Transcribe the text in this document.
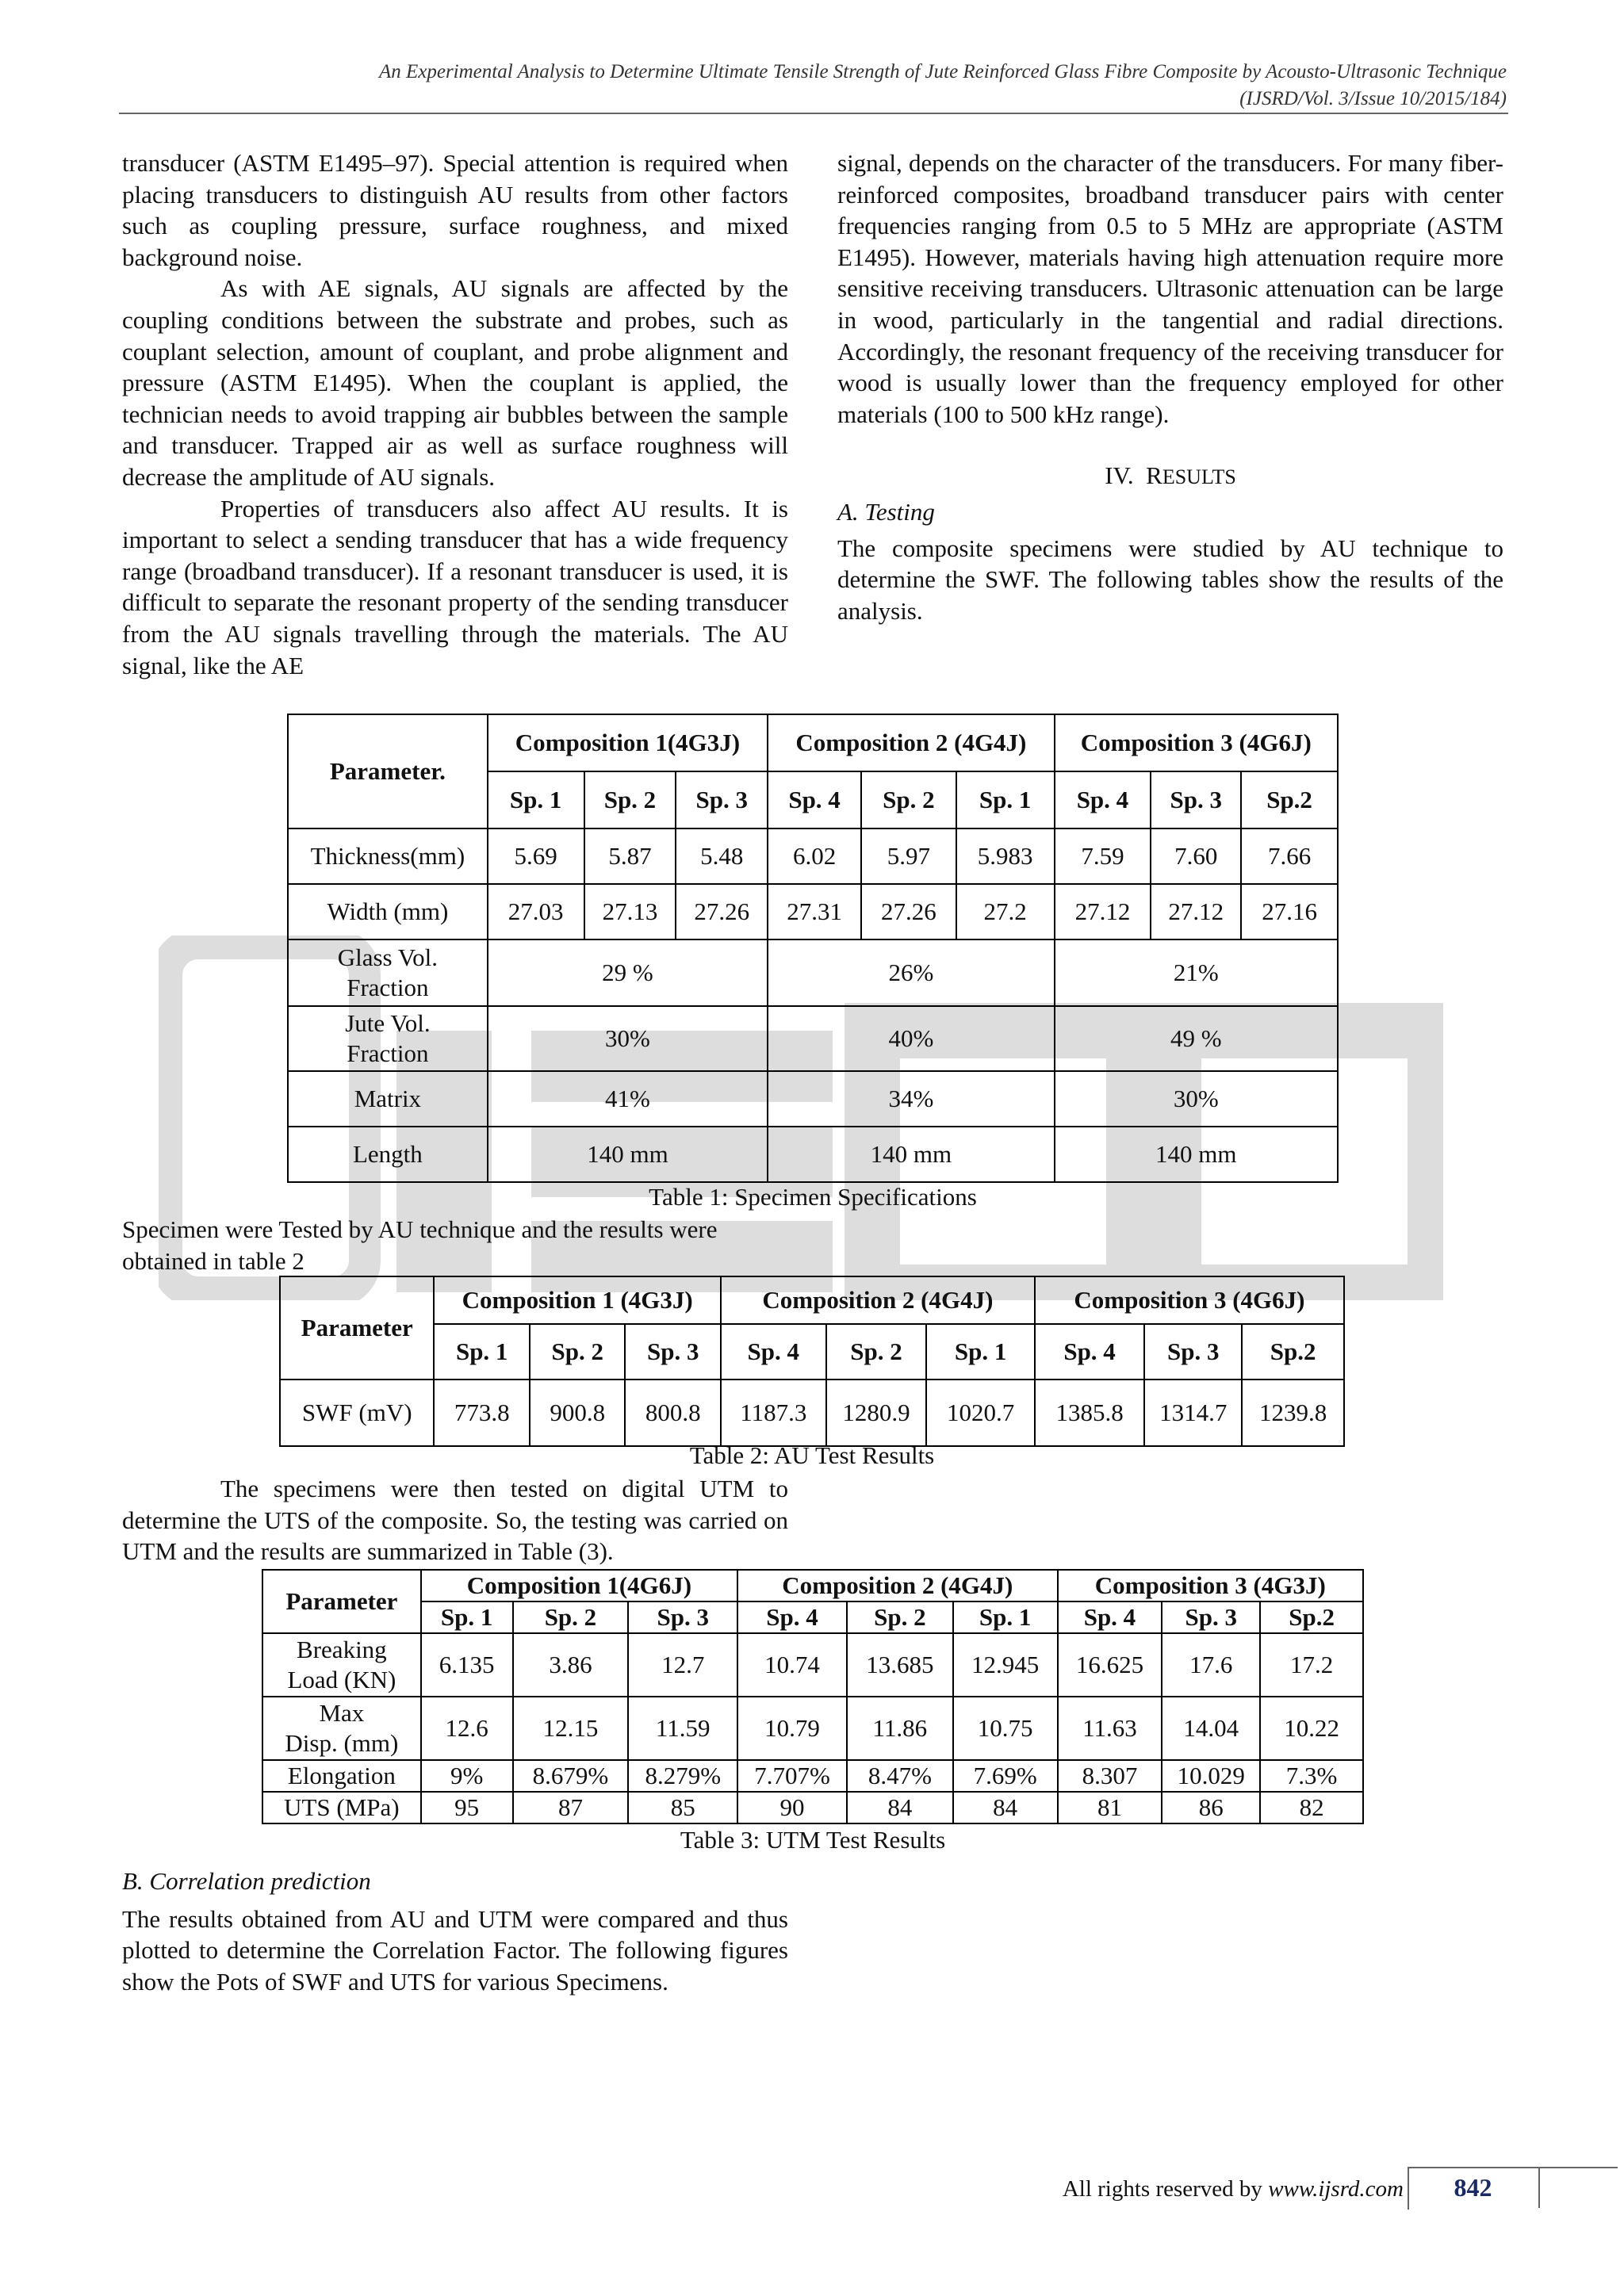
An Experimental Analysis to Determine Ultimate Tensile Strength of Jute Reinforced Glass Fibre Composite by Acousto-Ultrasonic Technique
(IJSRD/Vol. 3/Issue 10/2015/184)

transducer (ASTM E1495–97). Special attention is required when placing transducers to distinguish AU results from other factors such as coupling pressure, surface roughness, and mixed background noise.

As with AE signals, AU signals are affected by the coupling conditions between the substrate and probes, such as couplant selection, amount of couplant, and probe alignment and pressure (ASTM E1495). When the couplant is applied, the technician needs to avoid trapping air bubbles between the sample and transducer. Trapped air as well as surface roughness will decrease the amplitude of AU signals.

Properties of transducers also affect AU results. It is important to select a sending transducer that has a wide frequency range (broadband transducer). If a resonant transducer is used, it is difficult to separate the resonant property of the sending transducer from the AU signals travelling through the materials. The AU signal, like the AE

signal, depends on the character of the transducers. For many fiber-reinforced composites, broadband transducer pairs with center frequencies ranging from 0.5 to 5 MHz are appropriate (ASTM E1495). However, materials having high attenuation require more sensitive receiving transducers. Ultrasonic attenuation can be large in wood, particularly in the tangential and radial directions. Accordingly, the resonant frequency of the receiving transducer for wood is usually lower than the frequency employed for other materials (100 to 500 kHz range).

IV. RESULTS

A. Testing

The composite specimens were studied by AU technique to determine the SWF. The following tables show the results of the analysis.

Parameter.	Composition 1(4G3J)			Composition 2 (4G4J)			Composition 3 (4G6J)		
	Sp. 1	Sp. 2	Sp. 3	Sp. 4	Sp. 2	Sp. 1	Sp. 4	Sp. 3	Sp.2
Thickness(mm)	5.69	5.87	5.48	6.02	5.97	5.983	7.59	7.60	7.66
Width (mm)	27.03	27.13	27.26	27.31	27.26	27.2	27.12	27.12	27.16
Glass Vol.
Fraction	29 %			26%			21%		
Jute Vol.
Fraction	30%			40%			49 %		
Matrix	41%			34%			30%		
Length	140 mm			140 mm			140 mm		
Table 1: Specimen Specifications

Specimen were Tested by AU technique and the results were obtained in table 2

Parameter	Composition 1 (4G3J)			Composition 2 (4G4J)			Composition 3 (4G6J)		
	Sp. 1	Sp. 2	Sp. 3	Sp. 4	Sp. 2	Sp. 1	Sp. 4	Sp. 3	Sp.2
SWF (mV)	773.8	900.8	800.8	1187.3	1280.9	1020.7	1385.8	1314.7	1239.8
Table 2: AU Test Results

The specimens were then tested on digital UTM to determine the UTS of the composite. So, the testing was carried on UTM and the results are summarized in Table (3).

Parameter	Composition 1(4G6J)			Composition 2 (4G4J)			Composition 3 (4G3J)		
	Sp. 1	Sp. 2	Sp. 3	Sp. 4	Sp. 2	Sp. 1	Sp. 4	Sp. 3	Sp.2
Breaking
Load (KN)	6.135	3.86	12.7	10.74	13.685	12.945	16.625	17.6	17.2
Max
Disp. (mm)	12.6	12.15	11.59	10.79	11.86	10.75	11.63	14.04	10.22
Elongation	9%	8.679%	8.279%	7.707%	8.47%	7.69%	8.307	10.029	7.3%
UTS (MPa)	95	87	85	90	84	84	81	86	82
Table 3: UTM Test Results

B. Correlation prediction

The results obtained from AU and UTM were compared and thus plotted to determine the Correlation Factor. The following figures show the Pots of SWF and UTS for various Specimens.

All rights reserved by www.ijsrd.com	842
